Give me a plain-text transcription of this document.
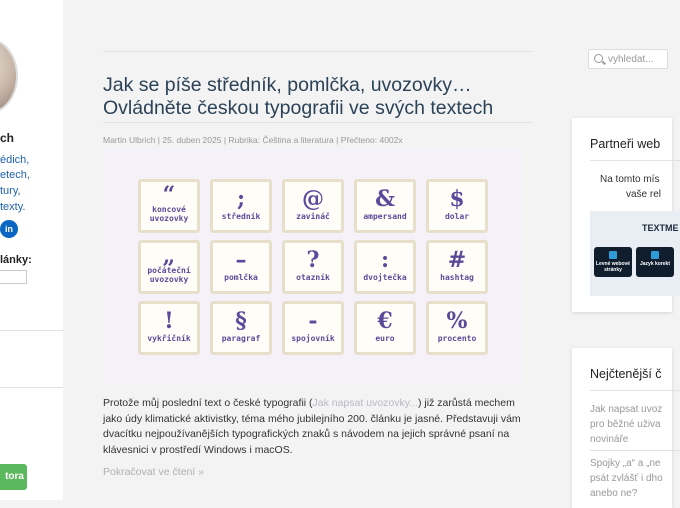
ch
édich,
etech,
tury,
texty.
in
lánky:
tora
Jak se píše středník, pomlčka, uvozovky… Ovládněte českou typografii ve svých textech
Martin Ulbrich | 25. duben 2025 | Rubrika: Čeština a literatura | Přečteno: 4002x
“
koncové uvozovky
;
středník
@
zavináč
&
ampersand
$
dolar
„
počáteční uvozovky
–
pomlčka
?
otazník
:
dvojtečka
#
hashtag
!
vykřičník
§
paragraf
-
spojovník
€
euro
%
procento

Protože můj poslední text o české typografii (Jak napsat uvozovky...) již zarůstá mechem jako údy klimatické aktivistky, téma mého jubilejního 200. článku je jasné. Představuji vám dvacítku nejpoužívanějších typografických znaků s návodem na jejich správné psaní na klávesnici v prostředí Windows i macOS.

Pokračovat ve čtení »
vyhledat...
Partneři web
Na tomto mís
vaše rel
TEXTME
Levné webové stránky
Jazyk korekt
Nejčtenější č
Jak napsat uvoz
pro běžné uživa
novináře
Spojky „a“ a „ne
psát zvlášť i dho
anebo ne?
